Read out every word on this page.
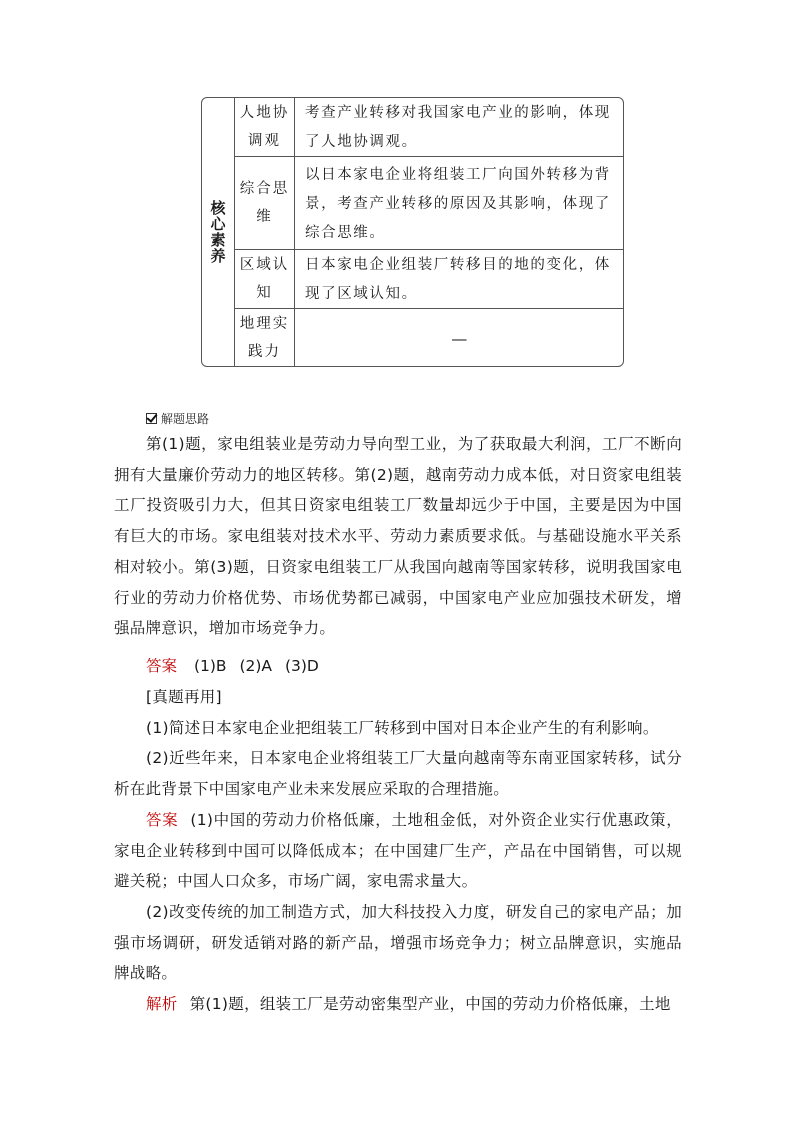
核心素养
人地协调观
考查产业转移对我国家电产业的影响，体现了人地协调观。
综合思维
以日本家电企业将组装工厂向国外转移为背景，考查产业转移的原因及其影响，体现了综合思维。
区域认知
日本家电企业组装厂转移目的地的变化，体现了区域认知。
地理实践力
—
解题思路

第(1)题，家电组装业是劳动力导向型工业，为了获取最大利润，工厂不断向拥有大量廉价劳动力的地区转移。第(2)题，越南劳动力成本低，对日资家电组装工厂投资吸引力大，但其日资家电组装工厂数量却远少于中国，主要是因为中国有巨大的市场。家电组装对技术水平、劳动力素质要求低。与基础设施水平关系相对较小。第(3)题，日资家电组装工厂从我国向越南等国家转移，说明我国家电行业的劳动力价格优势、市场优势都已减弱，中国家电产业应加强技术研发，增强品牌意识，增加市场竞争力。

答案 (1)B (2)A (3)D

[真题再用]

(1)简述日本家电企业把组装工厂转移到中国对日本企业产生的有利影响。

(2)近些年来，日本家电企业将组装工厂大量向越南等东南亚国家转移，试分析在此背景下中国家电产业未来发展应采取的合理措施。

答案 (1)中国的劳动力价格低廉，土地租金低，对外资企业实行优惠政策，家电企业转移到中国可以降低成本；在中国建厂生产，产品在中国销售，可以规避关税；中国人口众多，市场广阔，家电需求量大。

(2)改变传统的加工制造方式，加大科技投入力度，研发自己的家电产品；加强市场调研，研发适销对路的新产品，增强市场竞争力；树立品牌意识，实施品牌战略。

解析 第(1)题，组装工厂是劳动密集型产业，中国的劳动力价格低廉，土地
